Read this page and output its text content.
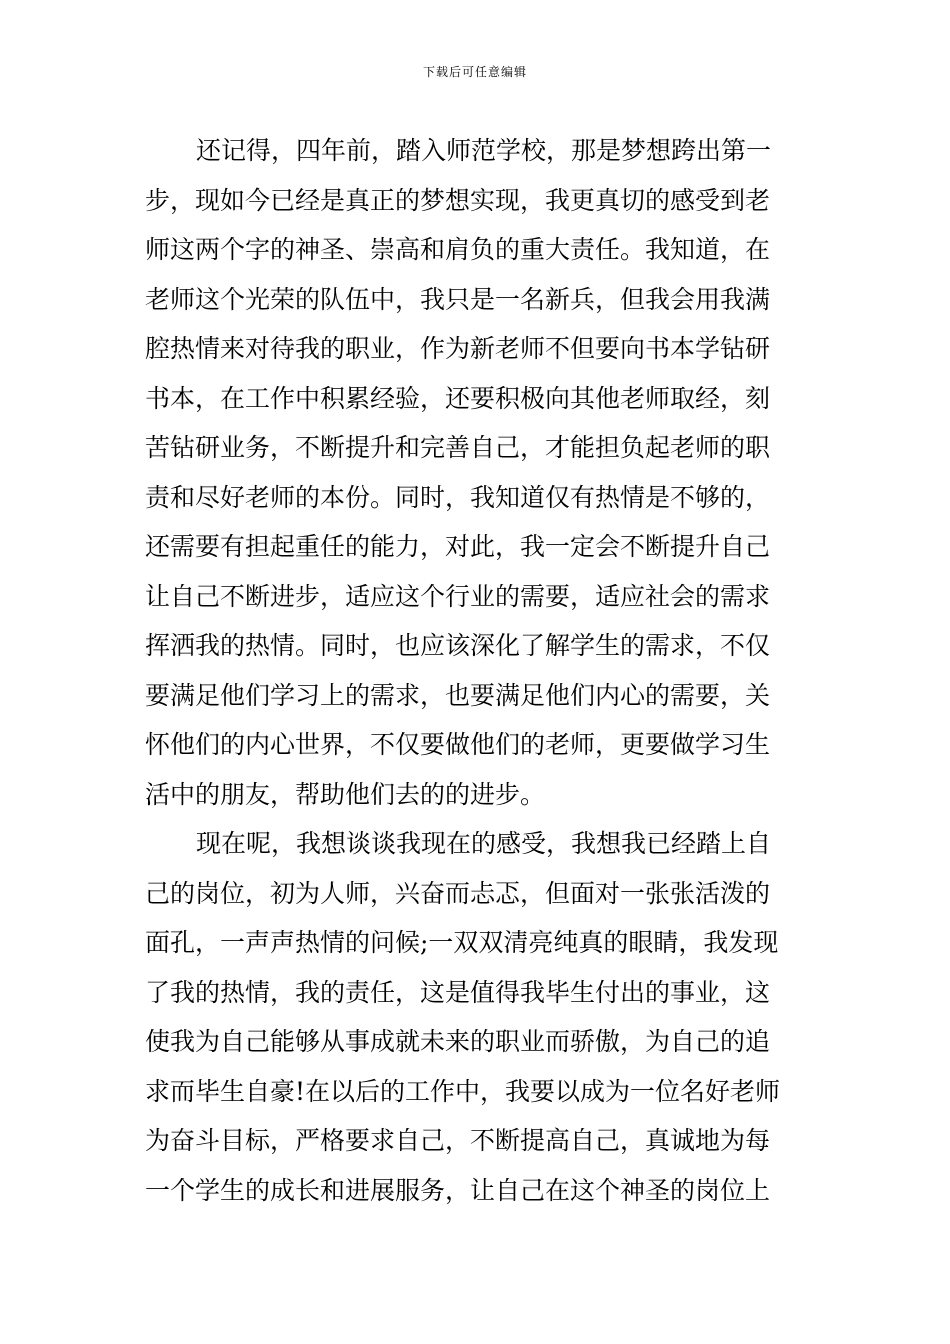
下载后可任意编辑
还记得，四年前，踏入师范学校，那是梦想跨出第一
步，现如今已经是真正的梦想实现，我更真切的感受到老
师这两个字的神圣、崇高和肩负的重大责任。我知道，在
老师这个光荣的队伍中，我只是一名新兵，但我会用我满
腔热情来对待我的职业，作为新老师不但要向书本学钻研
书本，在工作中积累经验，还要积极向其他老师取经，刻
苦钻研业务，不断提升和完善自己，才能担负起老师的职
责和尽好老师的本份。同时，我知道仅有热情是不够的，
还需要有担起重任的能力，对此，我一定会不断提升自己
让自己不断进步，适应这个行业的需要，适应社会的需求
挥洒我的热情。同时，也应该深化了解学生的需求，不仅
要满足他们学习上的需求，也要满足他们内心的需要，关
怀他们的内心世界，不仅要做他们的老师，更要做学习生
活中的朋友，帮助他们去的的进步。
现在呢，我想谈谈我现在的感受，我想我已经踏上自
己的岗位，初为人师，兴奋而忐忑，但面对一张张活泼的
面孔，一声声热情的问候;一双双清亮纯真的眼睛，我发现
了我的热情，我的责任，这是值得我毕生付出的事业，这
使我为自己能够从事成就未来的职业而骄傲，为自己的追
求而毕生自豪!在以后的工作中，我要以成为一位名好老师
为奋斗目标，严格要求自己，不断提高自己，真诚地为每
一个学生的成长和进展服务，让自己在这个神圣的岗位上
